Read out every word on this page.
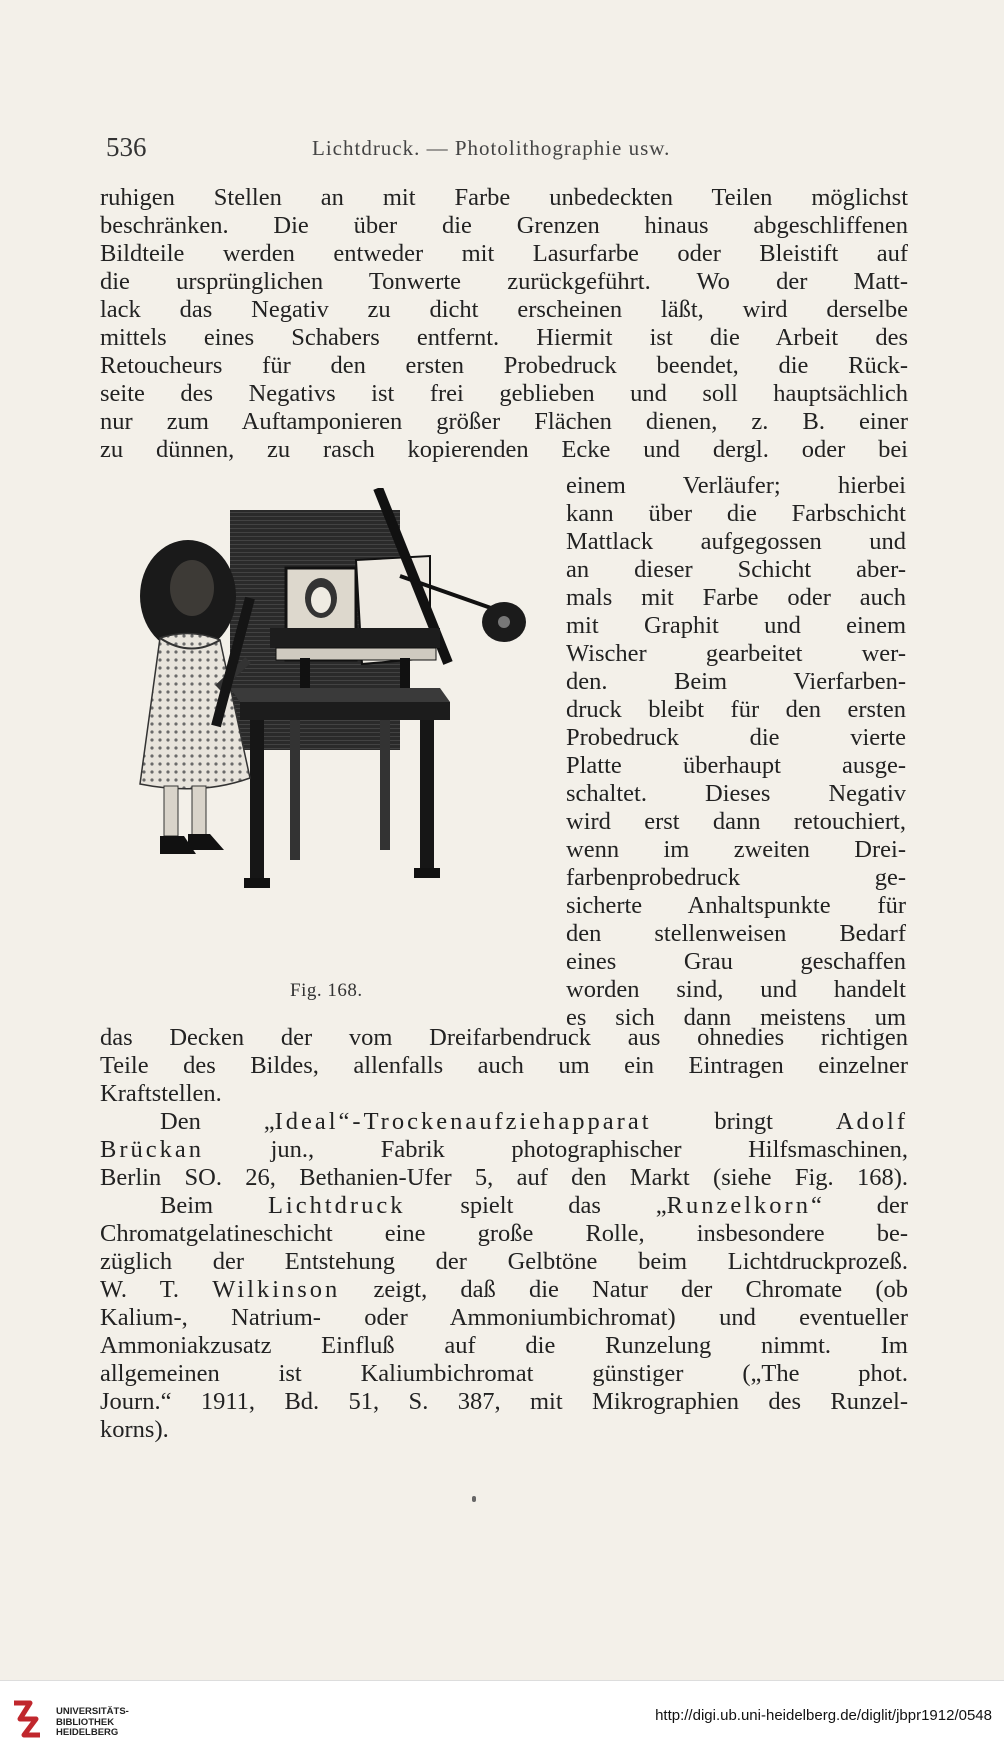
536	Lichtdruck. — Photolithographie usw.
ruhigen Stellen an mit Farbe unbedeckten Teilen möglichst
beschränken. Die über die Grenzen hinaus abgeschliffenen
Bildteile werden entweder mit Lasurfarbe oder Bleistift auf
die ursprünglichen Tonwerte zurückgeführt. Wo der Matt-
lack das Negativ zu dicht erscheinen läßt, wird derselbe
mittels eines Schabers entfernt. Hiermit ist die Arbeit des
Retoucheurs für den ersten Probedruck beendet, die Rück-
seite des Negativs ist frei geblieben und soll hauptsächlich
nur zum Auftamponieren größer Flächen dienen, z. B. einer
zu dünnen, zu rasch kopierenden Ecke und dergl. oder bei
einem Verläufer; hierbei
kann über die Farbschicht
Mattlack aufgegossen und
an dieser Schicht aber-
mals mit Farbe oder auch
mit Graphit und einem
Wischer gearbeitet wer-
den. Beim Vierfarben-
druck bleibt für den ersten
Probedruck die vierte
Platte überhaupt ausge-
schaltet. Dieses Negativ
wird erst dann retouchiert,
wenn im zweiten Drei-
farbenprobedruck ge-
sicherte Anhaltspunkte für
den stellenweisen Bedarf
eines Grau geschaffen
worden sind, und handelt
es sich dann meistens um
Fig. 168.
das Decken der vom Dreifarbendruck aus ohnedies richtigen
Teile des Bildes, allenfalls auch um ein Eintragen einzelner
Kraftstellen.
Den „Ideal“-Trockenaufziehapparat bringt Adolf
Brückan jun., Fabrik photographischer Hilfsmaschinen,
Berlin SO. 26, Bethanien-Ufer 5, auf den Markt (siehe Fig. 168).
Beim Lichtdruck spielt das „Runzelkorn“ der
Chromatgelatineschicht eine große Rolle, insbesondere be-
züglich der Entstehung der Gelbtöne beim Lichtdruckprozeß.
W. T. Wilkinson zeigt, daß die Natur der Chromate (ob
Kalium-, Natrium- oder Ammoniumbichromat) und eventueller
Ammoniakzusatz Einfluß auf die Runzelung nimmt. Im
allgemeinen ist Kaliumbichromat günstiger („The phot.
Journ.“ 1911, Bd. 51, S. 387, mit Mikrographien des Runzel-
korns).
UNIVERSITÄTS-
BIBLIOTHEK
HEIDELBERG
http://digi.ub.uni-heidelberg.de/diglit/jbpr1912/0548
